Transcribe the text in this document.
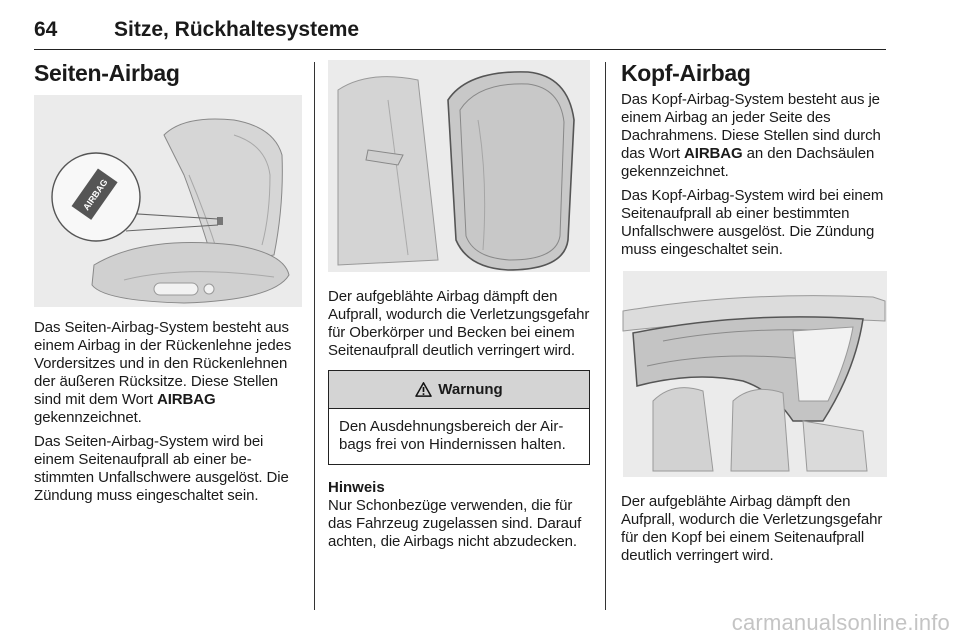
64	Sitze, Rückhaltesysteme
Seiten-Airbag
AIRBAG

Das Seiten-Airbag-System besteht aus einem Airbag in der Rückenlehne jedes Vordersitzes und in den Rückenlehnen der äußeren Rücksitze. Diese Stellen sind mit dem Wort AIRBAG gekennzeichnet.

Das Seiten-Airbag-System wird bei einem Seitenaufprall ab einer bestimmten Unfallschwere ausgelöst. Die Zündung muss eingeschaltet sein.

Der aufgeblähte Airbag dämpft den Aufprall, wodurch die Verletzungsgefahr für Oberkörper und Becken bei einem Seitenaufprall deutlich verringert wird.

Warnung
Den Ausdehnungsbereich der Airbags frei von Hindernissen halten.
Hinweis

Nur Schonbezüge verwenden, die für das Fahrzeug zugelassen sind. Darauf achten, die Airbags nicht abzudecken.

Kopf-Airbag

Das Kopf-Airbag-System besteht aus je einem Airbag an jeder Seite des Dachrahmens. Diese Stellen sind durch das Wort AIRBAG an den Dachsäulen gekennzeichnet.

Das Kopf-Airbag-System wird bei einem Seitenaufprall ab einer bestimmten Unfallschwere ausgelöst. Die Zündung muss eingeschaltet sein.

Der aufgeblähte Airbag dämpft den Aufprall, wodurch die Verletzungsgefahr für den Kopf bei einem Seitenaufprall deutlich verringert wird.

carmanualsonline.info
